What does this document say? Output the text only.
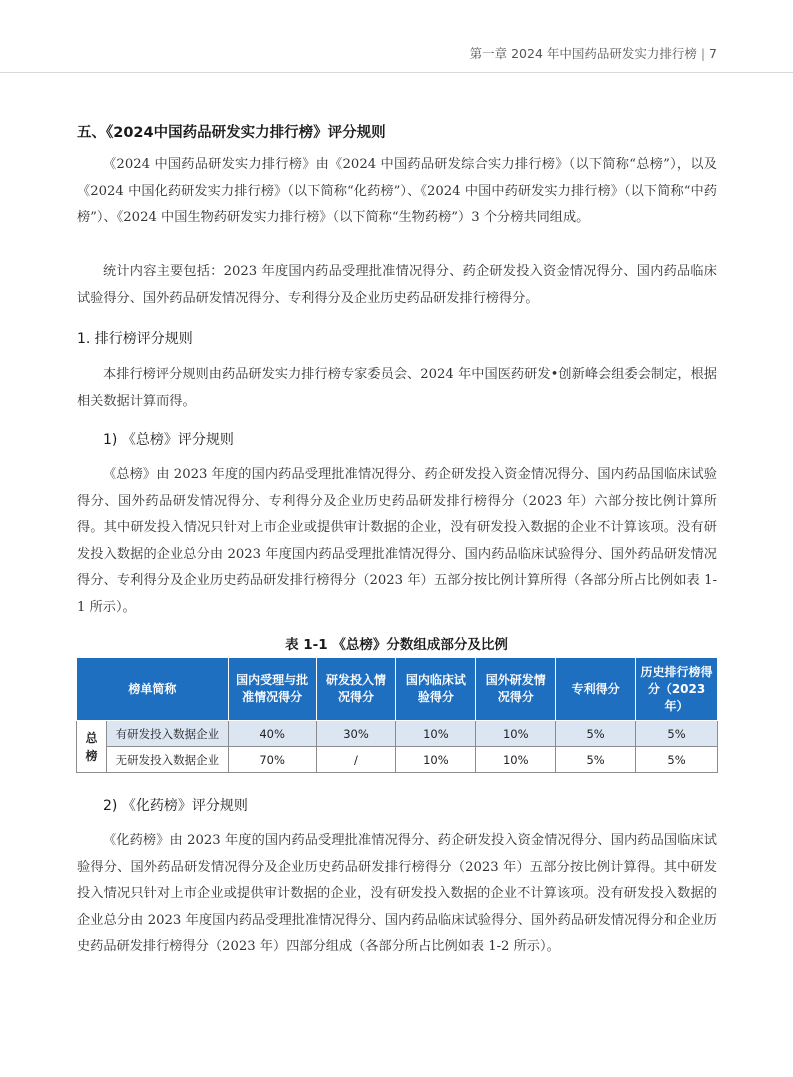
第一章 2024 年中国药品研发实力排行榜 | 7
五、《2024中国药品研发实力排行榜》评分规则
《2024 中国药品研发实力排行榜》由《2024 中国药品研发综合实力排行榜》（以下简称“总榜”），以及《2024 中国化药研发实力排行榜》（以下简称“化药榜”）、《2024 中国中药研发实力排行榜》（以下简称“中药榜”）、《2024 中国生物药研发实力排行榜》（以下简称“生物药榜”）3 个分榜共同组成。
统计内容主要包括：2023 年度国内药品受理批准情况得分、药企研发投入资金情况得分、国内药品临床试验得分、国外药品研发情况得分、专利得分及企业历史药品研发排行榜得分。
1. 排行榜评分规则
本排行榜评分规则由药品研发实力排行榜专家委员会、2024 年中国医药研发•创新峰会组委会制定，根据相关数据计算而得。
1) 《总榜》评分规则
《总榜》由 2023 年度的国内药品受理批准情况得分、药企研发投入资金情况得分、国内药品国临床试验得分、国外药品研发情况得分、专利得分及企业历史药品研发排行榜得分（2023 年）六部分按比例计算所得。其中研发投入情况只针对上市企业或提供审计数据的企业，没有研发投入数据的企业不计算该项。没有研发投入数据的企业总分由 2023 年度国内药品受理批准情况得分、国内药品临床试验得分、国外药品研发情况得分、专利得分及企业历史药品研发排行榜得分（2023 年）五部分按比例计算所得（各部分所占比例如表 1-1 所示）。
表 1-1 《总榜》分数组成部分及比例
榜单简称		国内受理与批准情况得分	研发投入情况得分	国内临床试验得分	国外研发情况得分	专利得分	历史排行榜得分（2023年）
总榜	有研发投入数据企业	40%	30%	10%	10%	5%	5%
	无研发投入数据企业	70%	/	10%	10%	5%	5%
2) 《化药榜》评分规则
《化药榜》由 2023 年度的国内药品受理批准情况得分、药企研发投入资金情况得分、国内药品国临床试验得分、国外药品研发情况得分及企业历史药品研发排行榜得分（2023 年）五部分按比例计算得。其中研发投入情况只针对上市企业或提供审计数据的企业，没有研发投入数据的企业不计算该项。没有研发投入数据的企业总分由 2023 年度国内药品受理批准情况得分、国内药品临床试验得分、国外药品研发情况得分和企业历史药品研发排行榜得分（2023 年）四部分组成（各部分所占比例如表 1-2 所示）。
